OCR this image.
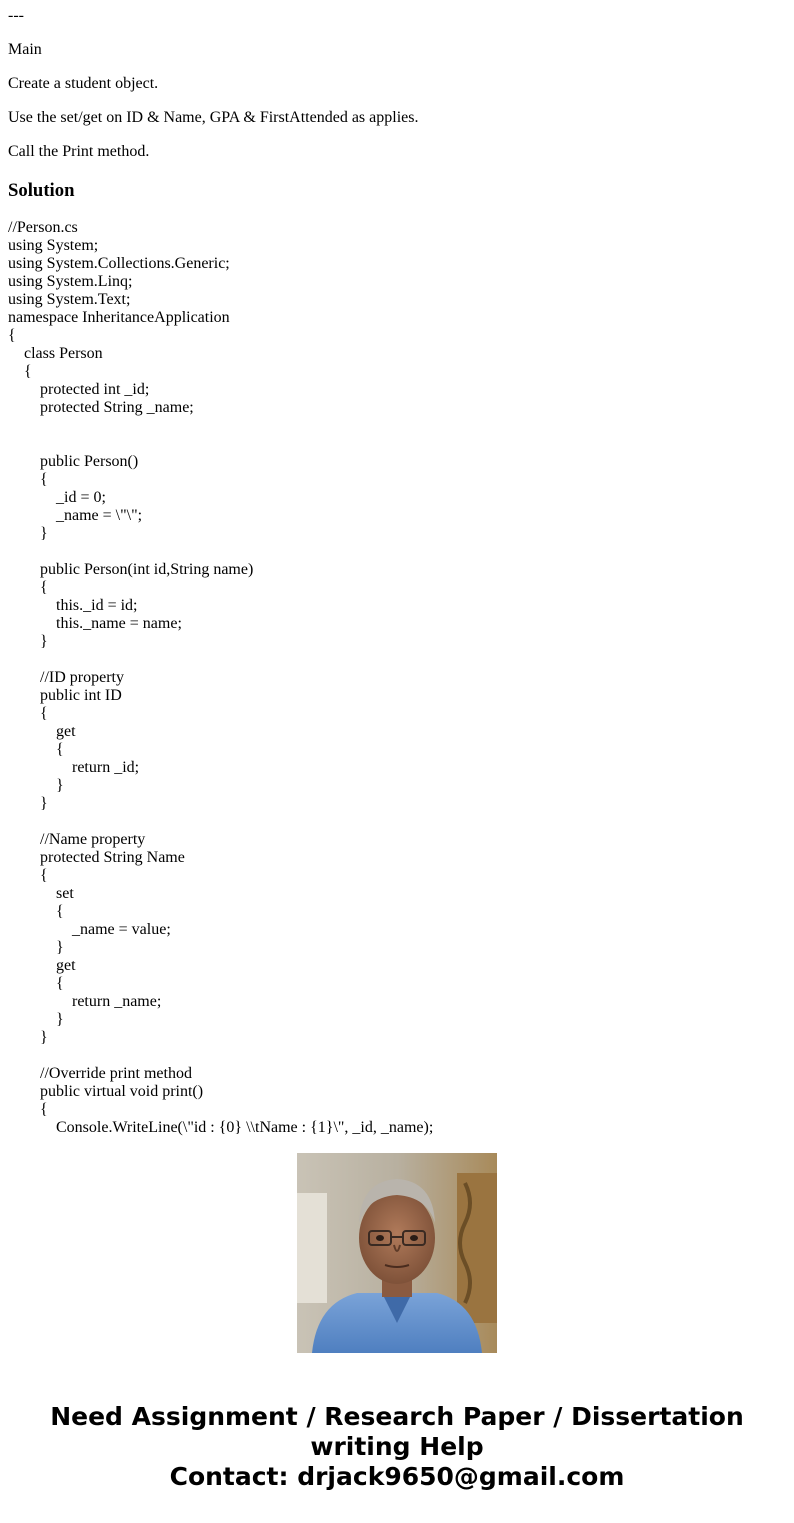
---

Main

Create a student object.

Use the set/get on ID & Name, GPA & FirstAttended as applies.

Call the Print method.

Solution
//Person.cs
using System;
using System.Collections.Generic;
using System.Linq;
using System.Text;
namespace InheritanceApplication
{
class Person
{
protected int _id;
protected String _name;

public Person()
{
_id = 0;
_name = \"\";
}

public Person(int id,String name)
{
this._id = id;
this._name = name;
}

//ID property
public int ID
{
get
{
return _id;
}
}

//Name property
protected String Name
{
set
{
_name = value;
}
get
{
return _name;
}
}

//Override print method
public virtual void print()
{
Console.WriteLine(\"id : {0} \\tName : {1}\", _id, _name);
Need Assignment / Research Paper / Dissertation
writing Help
Contact: drjack9650@gmail.com
